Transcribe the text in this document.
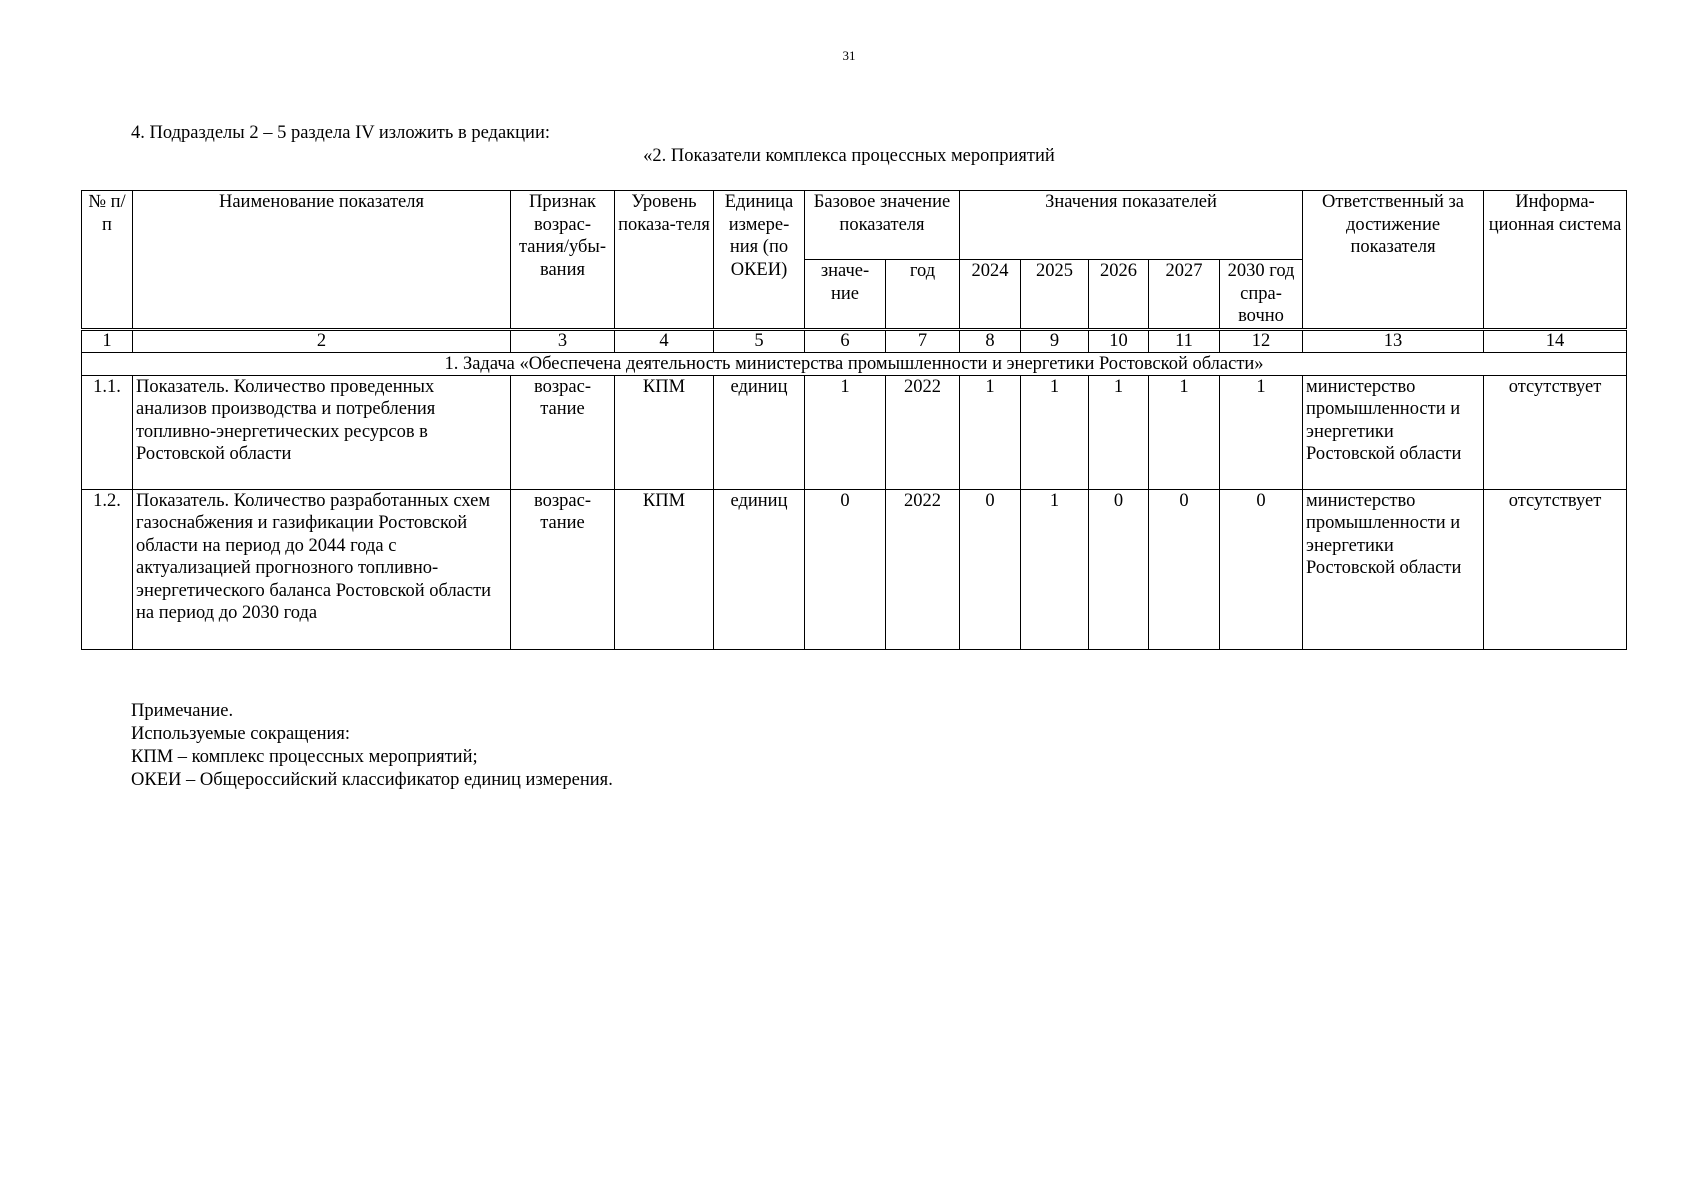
31
4. Подразделы 2 – 5 раздела IV изложить в редакции:
«2. Показатели комплекса процессных мероприятий
№ п/п	Наименование показателя	Признак возрас-тания/убы-вания	Уровень показа-теля	Единица измере-ния (по ОКЕИ)	Базовое значение показателя		Значения показателей					Ответственный за достижение показателя	Информа-ционная система
					значе-ние	год	2024	2025	2026	2027	2030 год спра-вочно		
1	2	3	4	5	6	7	8	9	10	11	12	13	14
1. Задача «Обеспечена деятельность министерства промышленности и энергетики Ростовской области»													
1.1.	Показатель. Количество проведенных анализов производства и потребления топливно-энергетических ресурсов в Ростовской области	возрас-тание	КПМ	единиц	1	2022	1	1	1	1	1	министерство промышленности и энергетики Ростовской области	отсутствует
1.2.	Показатель. Количество разработанных схем газоснабжения и газификации Ростовской области на период до 2044 года с актуализацией прогнозного топливно-энергетического баланса Ростовской области на период до 2030 года	возрас-тание	КПМ	единиц	0	2022	0	1	0	0	0	министерство промышленности и энергетики Ростовской области	отсутствует
Примечание.
Используемые сокращения:
КПМ – комплекс процессных мероприятий;
ОКЕИ – Общероссийский классификатор единиц измерения.
